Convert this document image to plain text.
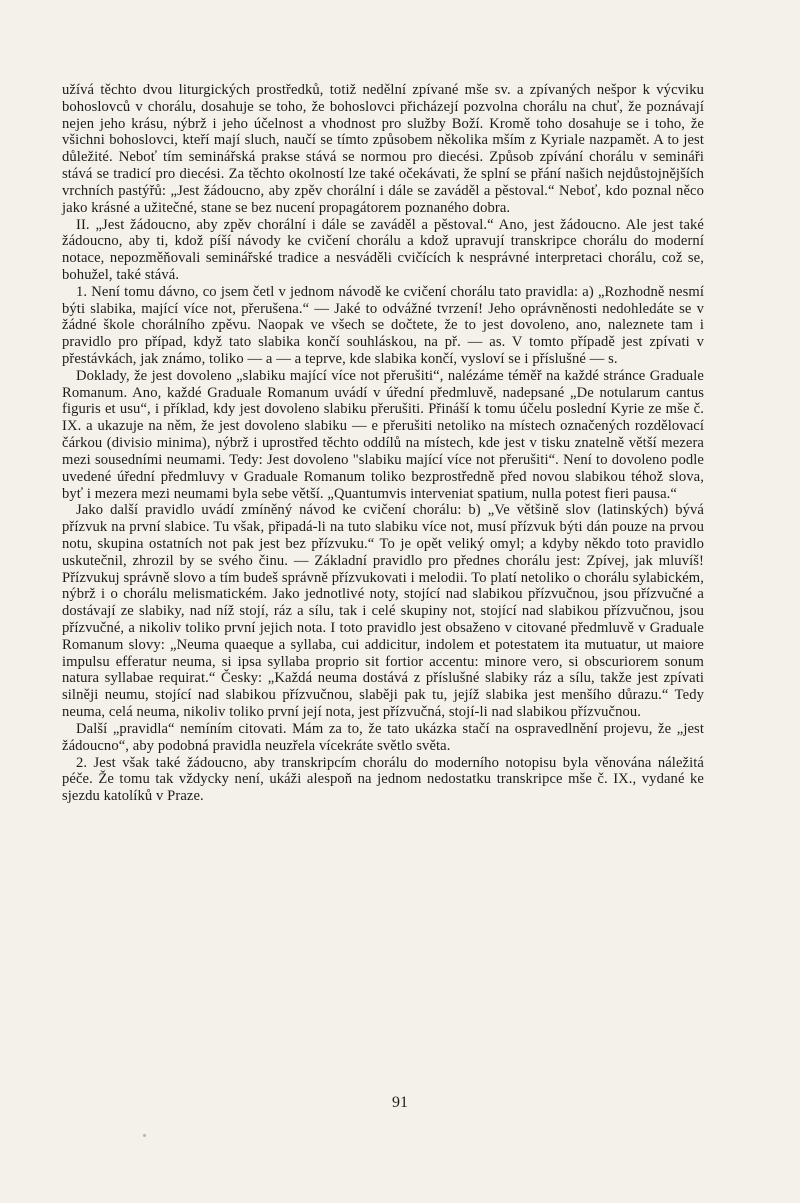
užívá těchto dvou liturgických prostředků, totiž nedělní zpívané mše sv. a zpívaných nešpor k výcviku bohoslovců v chorálu, dosahuje se toho, že bohoslovci přicházejí pozvolna chorálu na chuť, že poznávají nejen jeho krásu, nýbrž i jeho účelnost a vhodnost pro služby Boží. Kromě toho dosahuje se i toho, že všichni bohoslovci, kteří mají sluch, naučí se tímto způsobem několika mším z Kyriale nazpamět. A to jest důležité. Neboť tím seminářská prakse stává se normou pro diecési. Způsob zpívání chorálu v semináři stává se tradicí pro diecési. Za těchto okolností lze také očekávati, že splní se přání našich nejdůstojnějších vrchních pastýřů: „Jest žádoucno, aby zpěv chorální i dále se zaváděl a pěstoval.“ Neboť, kdo poznal něco jako krásné a užitečné, stane se bez nucení propagátorem poznaného dobra.

II. „Jest žádoucno, aby zpěv chorální i dále se zaváděl a pěstoval.“ Ano, jest žádoucno. Ale jest také žádoucno, aby ti, kdož píší návody ke cvičení chorálu a kdož upravují transkripce chorálu do moderní notace, nepozměňovali seminářské tradice a nesváděli cvičících k nesprávné interpretaci chorálu, což se, bohužel, také stává.

1. Není tomu dávno, co jsem četl v jednom návodě ke cvičení chorálu tato pravidla: a) „Rozhodně nesmí býti slabika, mající více not, přerušena.“ — Jaké to odvážné tvrzení! Jeho oprávněnosti nedohledáte se v žádné škole chorálního zpěvu. Naopak ve všech se dočtete, že to jest dovoleno, ano, naleznete tam i pravidlo pro případ, když tato slabika končí souhláskou, na př. — as. V tomto případě jest zpívati v přestávkách, jak známo, toliko — a — a teprve, kde slabika končí, vysloví se i příslušné — s.

Doklady, že jest dovoleno „slabiku mající více not přerušiti“, nalézáme téměř na každé stránce Graduale Romanum. Ano, každé Graduale Romanum uvádí v úřední předmluvě, nadepsané „De notularum cantus figuris et usu“, i příklad, kdy jest dovoleno slabiku přerušiti. Přináší k tomu účelu poslední Kyrie ze mše č. IX. a ukazuje na něm, že jest dovoleno slabiku — e přerušiti netoliko na místech označených rozdělovací čárkou (divisio minima), nýbrž i uprostřed těchto oddílů na místech, kde jest v tisku znatelně větší mezera mezi sousedními neumami. Tedy: Jest dovoleno "slabiku mající více not přerušiti“. Není to dovoleno podle uvedené úřední předmluvy v Graduale Romanum toliko bezprostředně před novou slabikou téhož slova, byť i mezera mezi neumami byla sebe větší. „Quantumvis interveniat spatium, nulla potest fieri pausa.“

Jako další pravidlo uvádí zmíněný návod ke cvičení chorálu: b) „Ve většině slov (latinských) bývá přízvuk na první slabice. Tu však, připadá-li na tuto slabiku více not, musí přízvuk býti dán pouze na prvou notu, skupina ostatních not pak jest bez přízvuku.“ To je opět veliký omyl; a kdyby někdo toto pravidlo uskutečnil, zhrozil by se svého činu. — Základní pravidlo pro přednes chorálu jest: Zpívej, jak mluvíš! Přízvukuj správně slovo a tím budeš správně přízvukovati i melodii. To platí netoliko o chorálu sylabickém, nýbrž i o chorálu melismatickém. Jako jednotlivé noty, stojící nad slabikou přízvučnou, jsou přízvučné a dostávají ze slabiky, nad níž stojí, ráz a sílu, tak i celé skupiny not, stojící nad slabikou přízvučnou, jsou přízvučné, a nikoliv toliko první jejich nota. I toto pravidlo jest obsaženo v citované předmluvě v Graduale Romanum slovy: „Neuma quaeque a syllaba, cui addicitur, indolem et potestatem ita mutuatur, ut maiore impulsu efferatur neuma, si ipsa syllaba proprio sit fortior accentu: minore vero, si obscuriorem sonum natura syllabae requirat.“ Česky: „Každá neuma dostává z příslušné slabiky ráz a sílu, takže jest zpívati silněji neumu, stojící nad slabikou přízvučnou, slaběji pak tu, jejíž slabika jest menšího důrazu.“ Tedy neuma, celá neuma, nikoliv toliko první její nota, jest přízvučná, stojí-li nad slabikou přízvučnou.

Další „pravidla“ nemíním citovati. Mám za to, že tato ukázka stačí na ospravedlnění projevu, že „jest žádoucno“, aby podobná pravidla neuzřela vícekráte světlo světa.

2. Jest však také žádoucno, aby transkripcím chorálu do moderního notopisu byla věnována náležitá péče. Že tomu tak vždycky není, ukáži alespoň na jednom nedostatku transkripce mše č. IX., vydané ke sjezdu katolíků v Praze.

91
